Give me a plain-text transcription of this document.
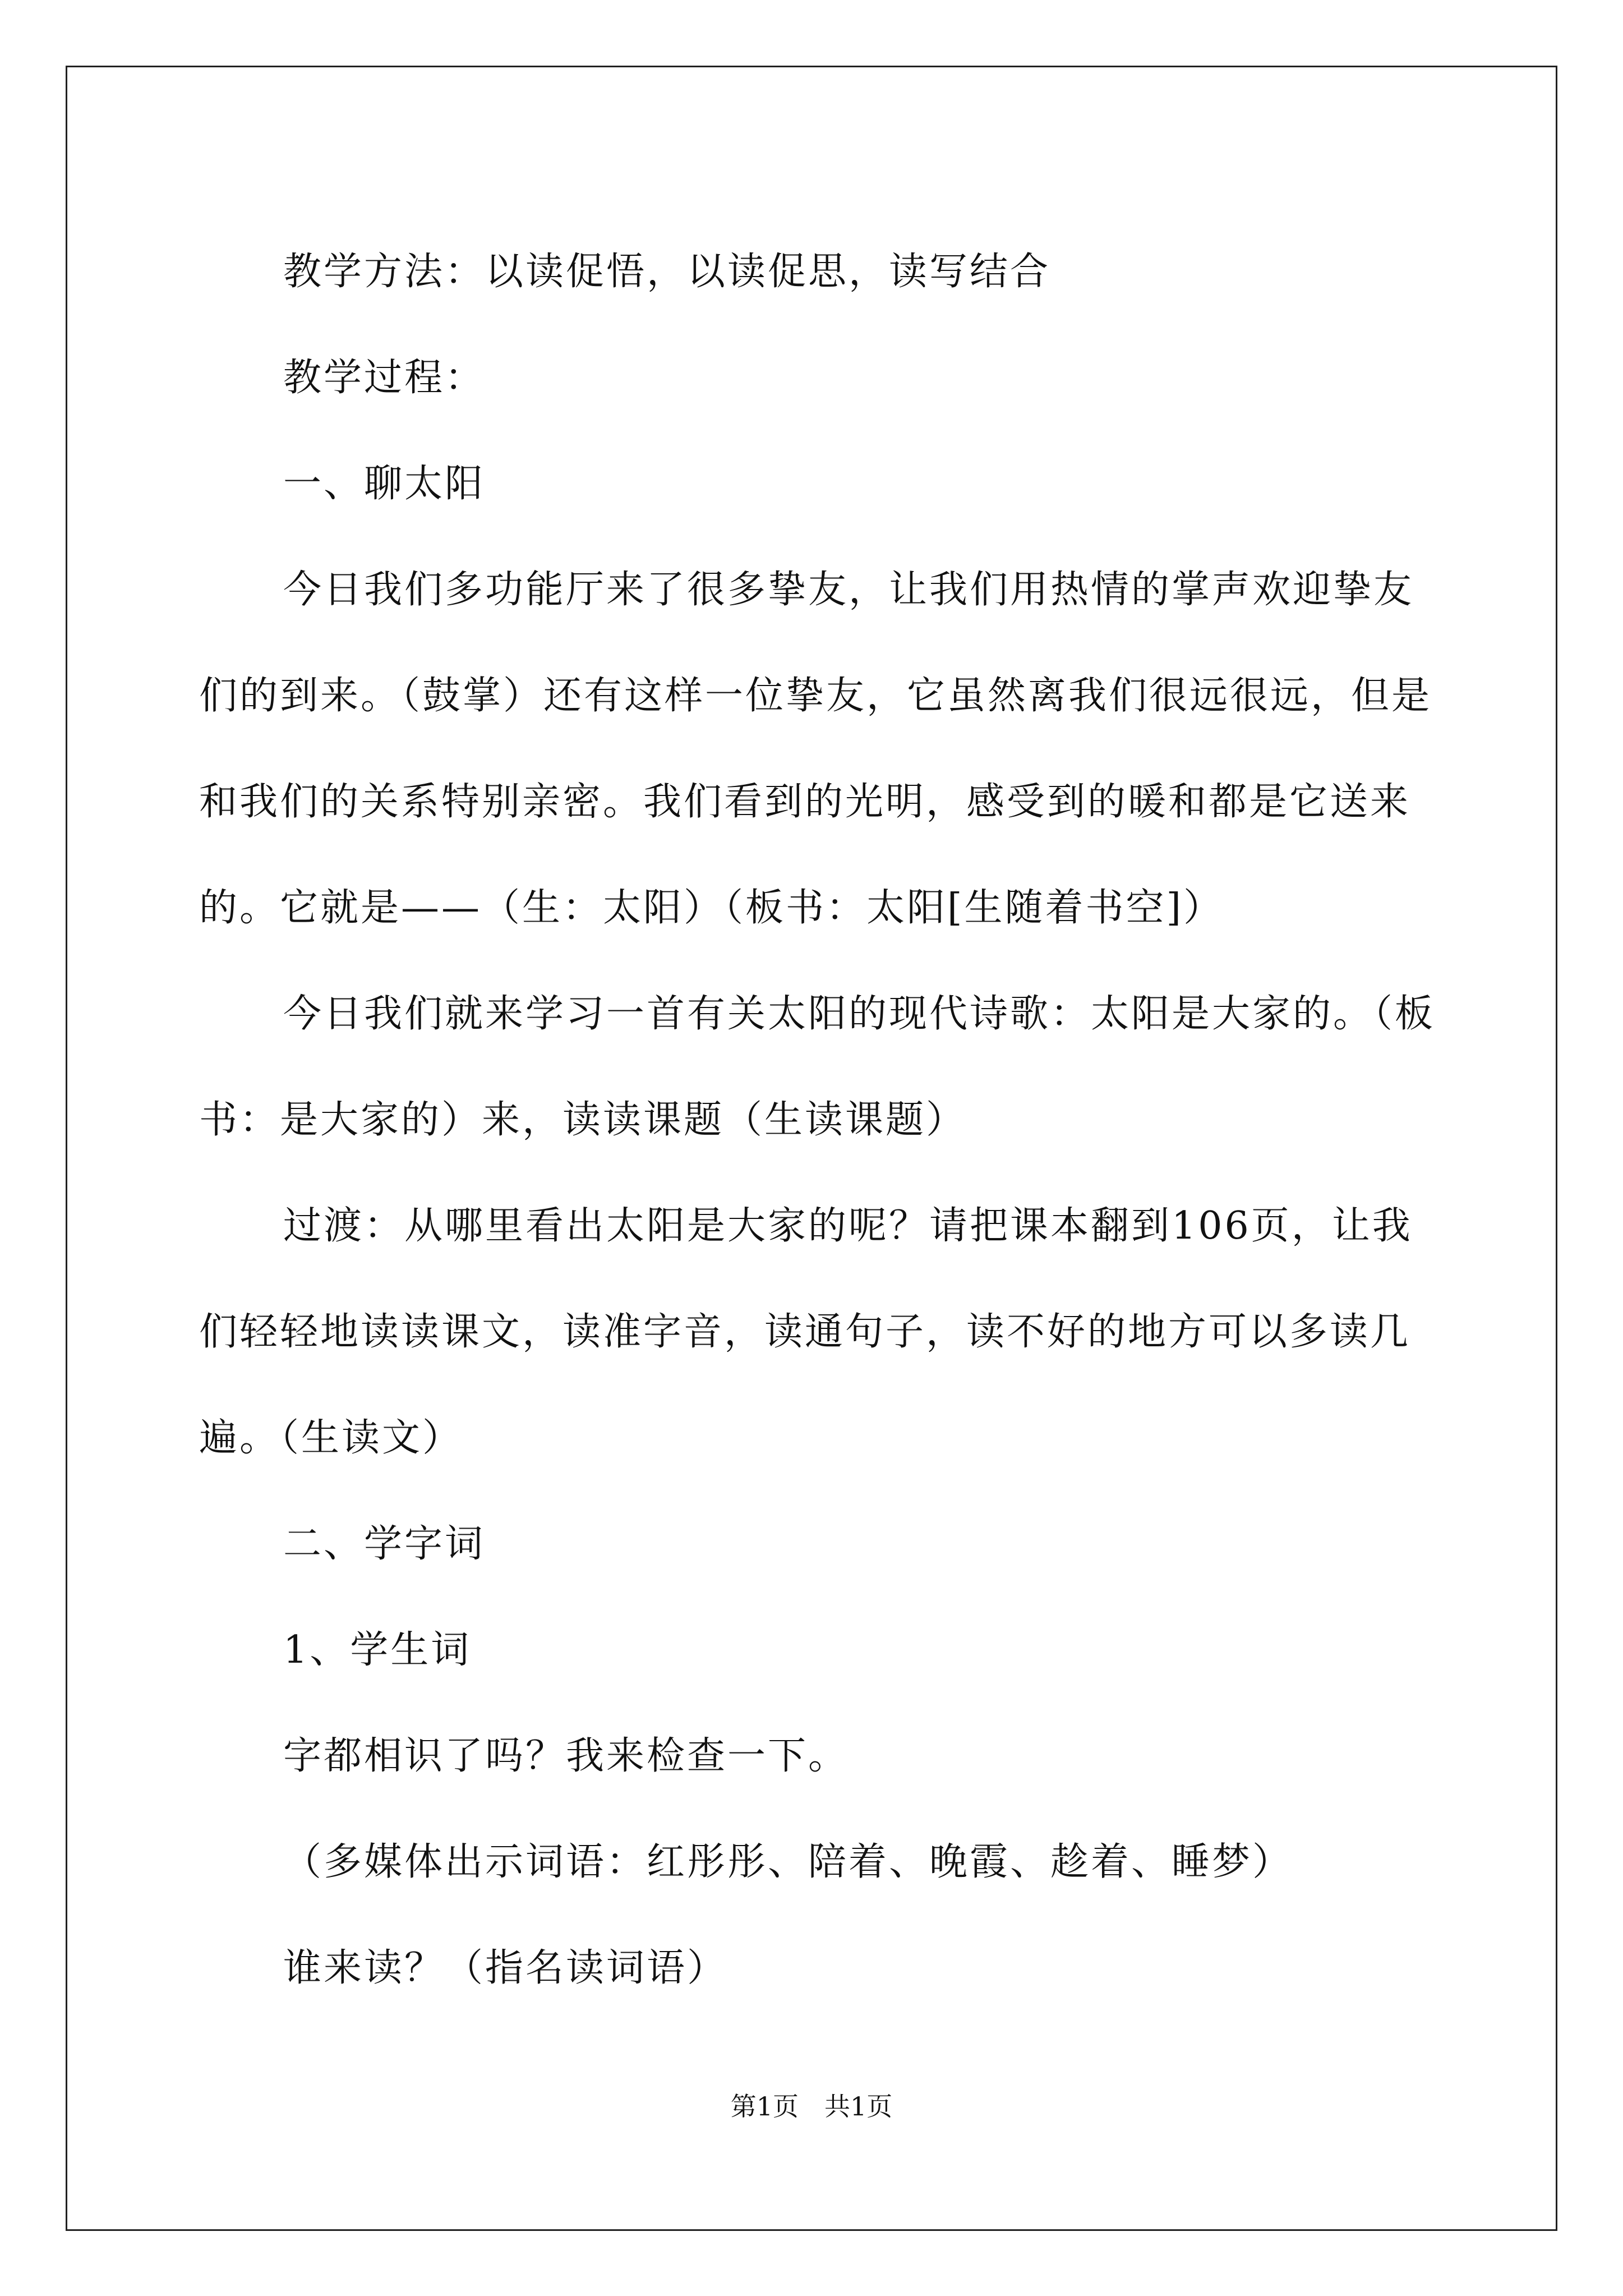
教学方法：以读促悟，以读促思，读写结合

教学过程：

一、聊太阳

今日我们多功能厅来了很多挚友，让我们用热情的掌声欢迎挚友们的到来。（鼓掌）还有这样一位挚友，它虽然离我们很远很远，但是和我们的关系特别亲密。我们看到的光明，感受到的暖和都是它送来的。它就是——（生：太阳）（板书：太阳[生随着书空]）

今日我们就来学习一首有关太阳的现代诗歌：太阳是大家的。（板书：是大家的）来，读读课题（生读课题）

过渡：从哪里看出太阳是大家的呢？请把课本翻到106页，让我们轻轻地读读课文，读准字音，读通句子，读不好的地方可以多读几遍。（生读文）

二、学字词

1、学生词

字都相识了吗？我来检查一下。

（多媒体出示词语：红彤彤、陪着、晚霞、趁着、睡梦）

谁来读？（指名读词语）

第1页　共1页
